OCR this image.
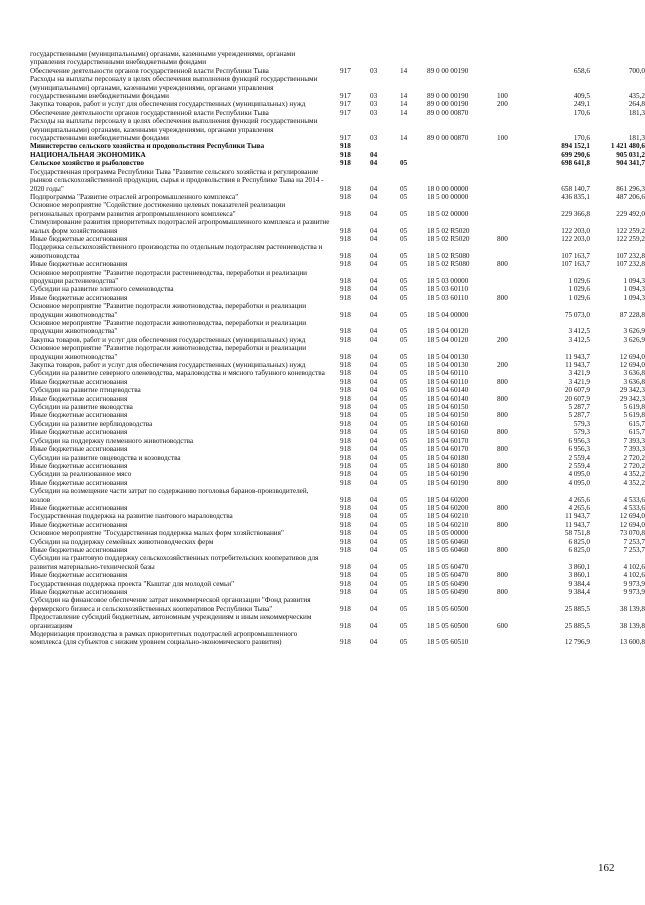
государственными (муниципальными) органами, казенными учреждениями, органами управления государственными внебюджетными фондами							
Обеспечение деятельности органов государственной власти Республики Тыва	917	03	14	89 0 00 00190		658,6	700,0
Расходы на выплаты персоналу в целях обеспечения выполнения функций государственными (муниципальными) органами, казенными учреждениями, органами управления государственными внебюджетными фондами	917	03	14	89 0 00 00190	100	409,5	435,2
Закупка товаров, работ и услуг для обеспечения государственных (муниципальных) нужд	917	03	14	89 0 00 00190	200	249,1	264,8
Обеспечение деятельности органов государственной власти Республики Тыва	917	03	14	89 0 00 00870		170,6	181,3
Расходы на выплаты персоналу в целях обеспечения выполнения функций государственными (муниципальными) органами, казенными учреждениями, органами управления государственными внебюджетными фондами	917	03	14	89 0 00 00870	100	170,6	181,3
Министерство сельского хозяйства и продовольствия Республики Тыва	918					894 152,1	1 421 480,6
НАЦИОНАЛЬНАЯ ЭКОНОМИКА	918	04				699 290,6	905 031,2
Сельское хозяйство и рыболовство	918	04	05			698 641,8	904 341,7
Государственная программа Республики Тыва "Развитие сельского хозяйства и регулирование рынков сельскохозяйственной продукции, сырья и продовольствия в Республике Тыва на 2014 - 2020 годы"	918	04	05	18 0 00 00000		658 140,7	861 296,3
Подпрограмма "Развитие отраслей агропромышленного комплекса"	918	04	05	18 5 00 00000		436 835,1	487 206,6
Основное мероприятие "Содействие достижению целевых показателей реализации региональных программ развития агропромышленного комплекса"	918	04	05	18 5 02 00000		229 366,8	229 492,0
Стимулирование развития приоритетных подотраслей агропромышленного комплекса и развитие малых форм хозяйствования	918	04	05	18 5 02 R5020		122 203,0	122 259,2
Иные бюджетные ассигнования	918	04	05	18 5 02 R5020	800	122 203,0	122 259,2
Поддержка сельскохозяйственного производства по отдельным подотраслям растениеводства и животноводства	918	04	05	18 5 02 R5080		107 163,7	107 232,8
Иные бюджетные ассигнования	918	04	05	18 5 02 R5080	800	107 163,7	107 232,8
Основное мероприятие "Развитие подотрасли растениеводства, переработки и реализации продукции растениеводства"	918	04	05	18 5 03 00000		1 029,6	1 094,3
Субсидии на развитие элитного семеноводства	918	04	05	18 5 03 60110		1 029,6	1 094,3
Иные бюджетные ассигнования	918	04	05	18 5 03 60110	800	1 029,6	1 094,3
Основное мероприятие "Развитие подотрасли животноводства, переработки и реализации продукции животноводства"	918	04	05	18 5 04 00000		75 073,0	87 228,8
Основное мероприятие "Развитие подотрасли животноводства, переработки и реализации продукции животноводства"	918	04	05	18 5 04 00120		3 412,5	3 626,9
Закупка товаров, работ и услуг для обеспечения государственных (муниципальных) нужд	918	04	05	18 5 04 00120	200	3 412,5	3 626,9
Основное мероприятие "Развитие подотрасли животноводства, переработки и реализации продукции животноводства"	918	04	05	18 5 04 00130		11 943,7	12 694,0
Закупка товаров, работ и услуг для обеспечения государственных (муниципальных) нужд	918	04	05	18 5 04 00130	200	11 943,7	12 694,0
Субсидии на развитие северного оленеводства, мараловодства и мясного табунного коневодства	918	04	05	18 5 04 60110		3 421,9	3 636,8
Иные бюджетные ассигнования	918	04	05	18 5 04 60110	800	3 421,9	3 636,8
Субсидии на развитие птицеводства	918	04	05	18 5 04 60140		20 607,9	29 342,3
Иные бюджетные ассигнования	918	04	05	18 5 04 60140	800	20 607,9	29 342,3
Субсидии на развитие яководства	918	04	05	18 5 04 60150		5 287,7	5 619,8
Иные бюджетные ассигнования	918	04	05	18 5 04 60150	800	5 287,7	5 619,8
Субсидии на развитие верблюдоводства	918	04	05	18 5 04 60160		579,3	615,7
Иные бюджетные ассигнования	918	04	05	18 5 04 60160	800	579,3	615,7
Субсидии на поддержку племенного животноводства	918	04	05	18 5 04 60170		6 956,3	7 393,3
Иные бюджетные ассигнования	918	04	05	18 5 04 60170	800	6 956,3	7 393,3
Субсидии на развитие овцеводства и козоводства	918	04	05	18 5 04 60180		2 559,4	2 720,2
Иные бюджетные ассигнования	918	04	05	18 5 04 60180	800	2 559,4	2 720,2
Субсидии за реализованное мясо	918	04	05	18 5 04 60190		4 095,0	4 352,2
Иные бюджетные ассигнования	918	04	05	18 5 04 60190	800	4 095,0	4 352,2
Субсидии на возмещение части затрат по содержанию поголовья баранов-производителей, козлов	918	04	05	18 5 04 60200		4 265,6	4 533,6
Иные бюджетные ассигнования	918	04	05	18 5 04 60200	800	4 265,6	4 533,6
Государственная поддержка на развитие пантового мараловодства	918	04	05	18 5 04 60210		11 943,7	12 694,0
Иные бюджетные ассигнования	918	04	05	18 5 04 60210	800	11 943,7	12 694,0
Основное мероприятие "Государственная поддержка малых форм хозяйствования"	918	04	05	18 5 05 00000		58 751,8	73 070,8
Субсидии на поддержку семейных животноводческих ферм	918	04	05	18 5 05 60460		6 825,0	7 253,7
Иные бюджетные ассигнования	918	04	05	18 5 05 60460	800	6 825,0	7 253,7
Субсидии на грантовую поддержку сельскохозяйственных потребительских кооперативов для развития материально-технической базы	918	04	05	18 5 05 60470		3 860,1	4 102,6
Иные бюджетные ассигнования	918	04	05	18 5 05 60470	800	3 860,1	4 102,6
Государственная поддержка проекта "Кыштаг для молодой семьи"	918	04	05	18 5 05 60490		9 384,4	9 973,9
Иные бюджетные ассигнования	918	04	05	18 5 05 60490	800	9 384,4	9 973,9
Субсидии на финансовое обеспечение затрат некоммерческой организации "Фонд развития фермерского бизнеса и сельскохозяйственных кооперативов Республики Тыва"	918	04	05	18 5 05 60500		25 885,5	38 139,8
Предоставление субсидий бюджетным, автономным учреждениям и иным некоммерческим организациям	918	04	05	18 5 05 60500	600	25 885,5	38 139,8
Модернизация производства в рамках приоритетных подотраслей агропромышленного комплекса (для субъектов с низким уровнем социально-экономического развития)	918	04	05	18 5 05 60510		12 796,9	13 600,8
162
